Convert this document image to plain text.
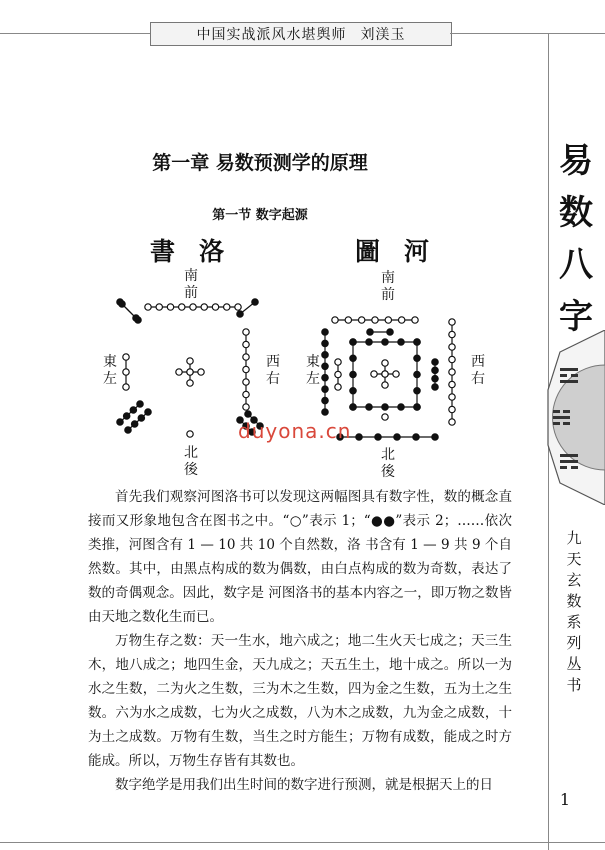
中国实战派风水堪舆师 刘渼玉
第一章 易数预测学的原理
第一节 数字起源
書洛	圖河
南前
東左
西右
北後
南前
東左
西右
北後
duyona.cn

首先我们观察河图洛书可以发现这两幅图具有数字性，数的概念直接而又形象地包含在图书之中。“○”表示 1；“●●”表示 2；……依次类推，河图含有 1 — 10 共 10 个自然数，洛 书含有 1 — 9 共 9 个自然数。其中，由黑点构成的数为偶数，由白点构成的数为奇数，表达了数的奇偶观念。因此，数字是 河图洛书的基本内容之一，即万物之数皆由天地之数化生而已。

万物生存之数：天一生水，地六成之；地二生火天七成之；天三生木，地八成之；地四生金，天九成之；天五生土，地十成之。所以一为水之生数，二为火之生数，三为木之生数，四为金之生数，五为土之生数。六为水之成数，七为火之成数，八为木之成数，九为金之成数，十为土之成数。万物有生数，当生之时方能生；万物有成数，能成之时方能成。所以，万物生存皆有其数也。

数字绝学是用我们出生时间的数字进行预测，就是根据天上的日

易数八字
九天玄数系列丛书
1
